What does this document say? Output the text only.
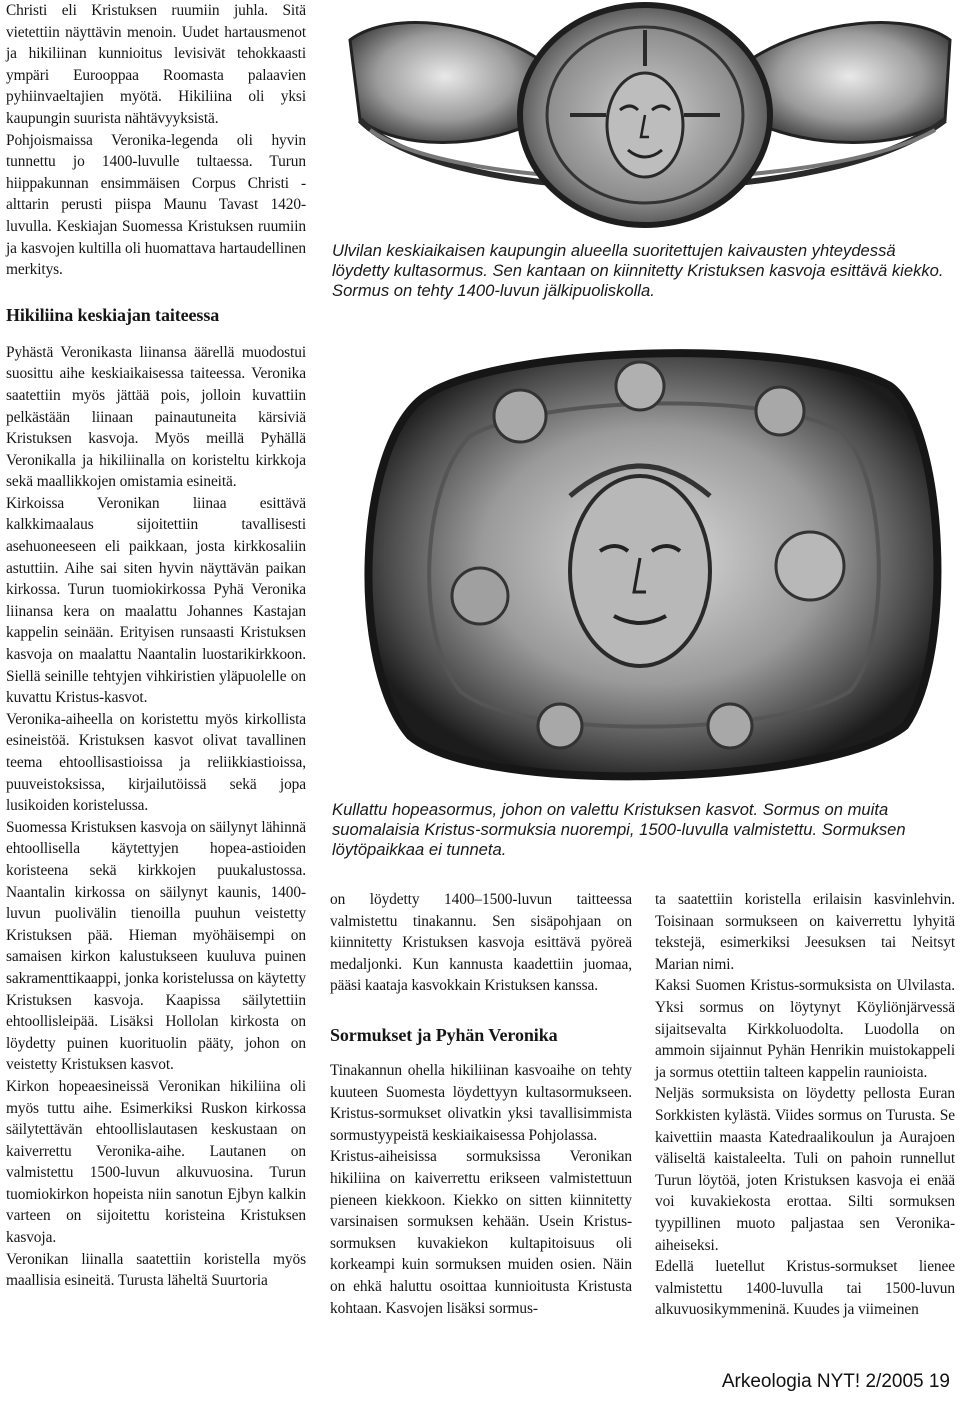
Christi eli Kristuksen ruumiin juhla. Sitä vietettiin näyttävin menoin. Uudet hartausmenot ja hikiliinan kunnioitus levisivät tehokkaasti ympäri Eurooppaa Roomasta palaavien pyhiinvaeltajien myötä. Hikiliina oli yksi kaupungin suurista nähtävyyksistä.

Pohjoismaissa Veronika-legenda oli hyvin tunnettu jo 1400-luvulle tultaessa. Turun hiippakunnan ensimmäisen Corpus Christi -alttarin perusti piispa Maunu Tavast 1420-luvulla. Keskiajan Suomessa Kristuksen ruumiin ja kasvojen kultilla oli huomattava hartaudellinen merkitys.

Hikiliina keskiajan taiteessa

Pyhästä Veronikasta liinansa äärellä muodostui suosittu aihe keskiaikaisessa taiteessa. Veronika saatettiin myös jättää pois, jolloin kuvattiin pelkästään liinaan painautuneita kärsiviä Kristuksen kasvoja. Myös meillä Pyhällä Veronikalla ja hikiliinalla on koristeltu kirkkoja sekä maallikkojen omistamia esineitä.

Kirkoissa Veronikan liinaa esittävä kalkkimaalaus sijoitettiin tavallisesti asehuoneeseen eli paikkaan, josta kirkkosaliin astuttiin. Aihe sai siten hyvin näyttävän paikan kirkossa. Turun tuomiokirkossa Pyhä Veronika liinansa kera on maalattu Johannes Kastajan kappelin seinään. Erityisen runsaasti Kristuksen kasvoja on maalattu Naantalin luostarikirkkoon. Siellä seinille tehtyjen vihkiristien yläpuolelle on kuvattu Kristus-kasvot.

Veronika-aiheella on koristettu myös kirkollista esineistöä. Kristuksen kasvot olivat tavallinen teema ehtoollisastioissa ja reliikkiastioissa, puuveistoksissa, kirjailutöissä sekä jopa lusikoiden koristelussa.

Suomessa Kristuksen kasvoja on säilynyt lähinnä ehtoollisella käytettyjen hopea-astioiden koristeena sekä kirkkojen puukalustossa. Naantalin kirkossa on säilynyt kaunis, 1400-luvun puolivälin tienoilla puuhun veistetty Kristuksen pää. Hieman myöhäisempi on samaisen kirkon kalustukseen kuuluva puinen sakramenttikaappi, jonka koristelussa on käytetty Kristuksen kasvoja. Kaapissa säilytettiin ehtoollisleipää. Lisäksi Hollolan kirkosta on löydetty puinen kuorituolin pääty, johon on veistetty Kristuksen kasvot.

Kirkon hopeaesineissä Veronikan hikiliina oli myös tuttu aihe. Esimerkiksi Ruskon kirkossa säilytettävän ehtoollislautasen keskustaan on kaiverrettu Veronika-aihe. Lautanen on valmistettu 1500-luvun alkuvuosina. Turun tuomiokirkon hopeista niin sanotun Ejbyn kalkin varteen on sijoitettu koristeina Kristuksen kasvoja.

Veronikan liinalla saatettiin koristella myös maallisia esineitä. Turusta läheltä Suurtoria

Ulvilan keskiaikaisen kaupungin alueella suoritettujen kaivausten yhteydessä löydetty kultasormus. Sen kantaan on kiinnitetty Kristuksen kasvoja esittävä kiekko. Sormus on tehty 1400-luvun jälkipuoliskolla.

Kullattu hopeasormus, johon on valettu Kristuksen kasvot. Sormus on muita suomalaisia Kristus-sormuksia nuorempi, 1500-luvulla valmistettu. Sormuksen löytöpaikkaa ei tunneta.

on löydetty 1400–1500-luvun taitteessa valmistettu tinakannu. Sen sisäpohjaan on kiinnitetty Kristuksen kasvoja esittävä pyöreä medaljonki. Kun kannusta kaadettiin juomaa, pääsi kaataja kasvokkain Kristuksen kanssa.

Sormukset ja Pyhän Veronika

Tinakannun ohella hikiliinan kasvoaihe on tehty kuuteen Suomesta löydettyyn kultasormukseen. Kristus-sormukset olivatkin yksi tavallisimmista sormustyypeistä keskiaikaisessa Pohjolassa.

Kristus-aiheisissa sormuksissa Veronikan hikiliina on kaiverrettu erikseen valmistettuun pieneen kiekkoon. Kiekko on sitten kiinnitetty varsinaisen sormuksen kehään. Usein Kristus-sormuksen kuvakiekon kultapitoisuus oli korkeampi kuin sormuksen muiden osien. Näin on ehkä haluttu osoittaa kunnioitusta Kristusta kohtaan. Kasvojen lisäksi sormus-

ta saatettiin koristella erilaisin kasvinlehvin. Toisinaan sormukseen on kaiverrettu lyhyitä tekstejä, esimerkiksi Jeesuksen tai Neitsyt Marian nimi.

Kaksi Suomen Kristus-sormuksista on Ulvilasta. Yksi sormus on löytynyt Köyliönjärvessä sijaitsevalta Kirkkoluodolta. Luodolla on ammoin sijainnut Pyhän Henrikin muistokappeli ja sormus otettiin talteen kappelin raunioista.

Neljäs sormuksista on löydetty pellosta Euran Sorkkisten kylästä. Viides sormus on Turusta. Se kaivettiin maasta Katedraalikoulun ja Aurajoen väliseltä kaistaleelta. Tuli on pahoin runnellut Turun löytöä, joten Kristuksen kasvoja ei enää voi kuvakiekosta erottaa. Silti sormuksen tyypillinen muoto paljastaa sen Veronika-aiheiseksi.

Edellä luetellut Kristus-sormukset lienee valmistettu 1400-luvulla tai 1500-luvun alkuvuosikymmeninä. Kuudes ja viimeinen

Arkeologia NYT! 2/2005 19
